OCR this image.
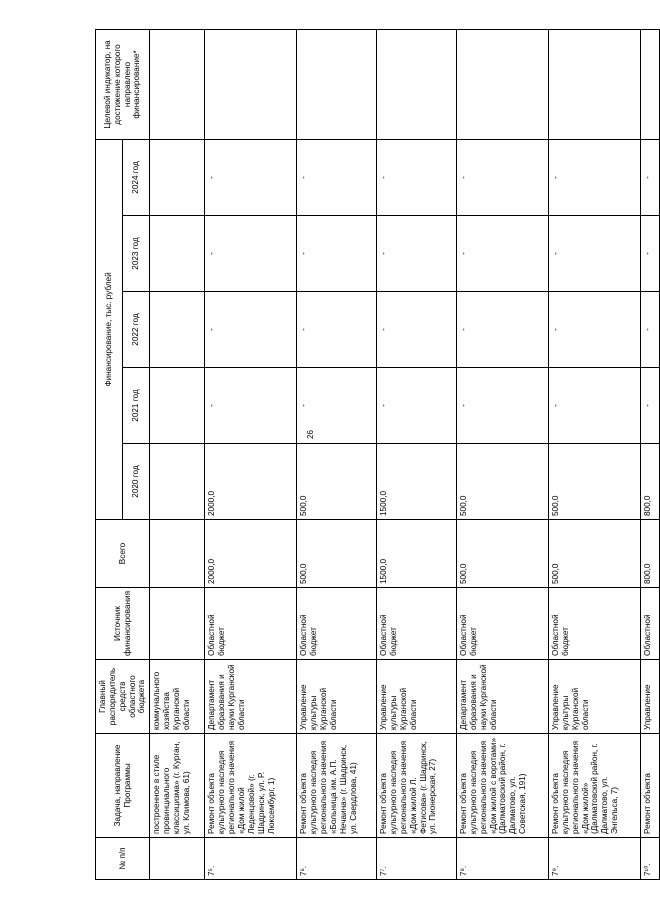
26
№ п/п	Задача, направление Программы	Главный распорядитель средств областного бюджета	Источник финансирования	Всего	Финансирование, тыс. рублей					Целевой индикатор, на достижение которого направлено финансирование*
					2020 год	2021 год	2022 год	2023 год	2024 год	
	построенное в стиле провинциального классицизма» (г. Курган, ул. Климова, 61)	коммунального хозяйства Курганской области								
7⁵.	Ремонт объекта культурного наследия регионального значения «Дом жилой Леденцовой» (г. Шадринск, ул. Р. Люксембург, 1)	Департамент образования и науки Курганской области	Областной бюджет	2000,0	2000,0	-	-	-	-	
7⁶.	Ремонт объекта культурного наследия регионального значения «Больница им. А.П. Нечаина» (г. Шадринск, ул. Свердлова, 41)	Управление культуры Курганской области	Областной бюджет	500,0	500,0	-	-	-	-	
7⁷.	Ремонт объекта культурного наследия регионального значения «Дом жилой Л. Фетисова» (г. Шадринск, ул. Пионерская, 27)	Управление культуры Курганской области	Областной бюджет	1500,0	1500,0	-	-	-	-	
7⁸.	Ремонт объекта культурного наследия регионального значения «Дом жилой с воротами» (Далматовский район, г. Далматово, ул. Советская, 191)	Департамент образования и науки Курганской области	Областной бюджет	500,0	500,0	-	-	-	-	
7⁹.	Ремонт объекта культурного наследия регионального значения «Дом жилой» (Далматовский район, г. Далматово, ул. Энгельса, 7)	Управление культуры Курганской области	Областной бюджет	500,0	500,0	-	-	-	-	
7¹⁰.	Ремонт объекта	Управление	Областной	800,0	800,0	-	-	-	-	
